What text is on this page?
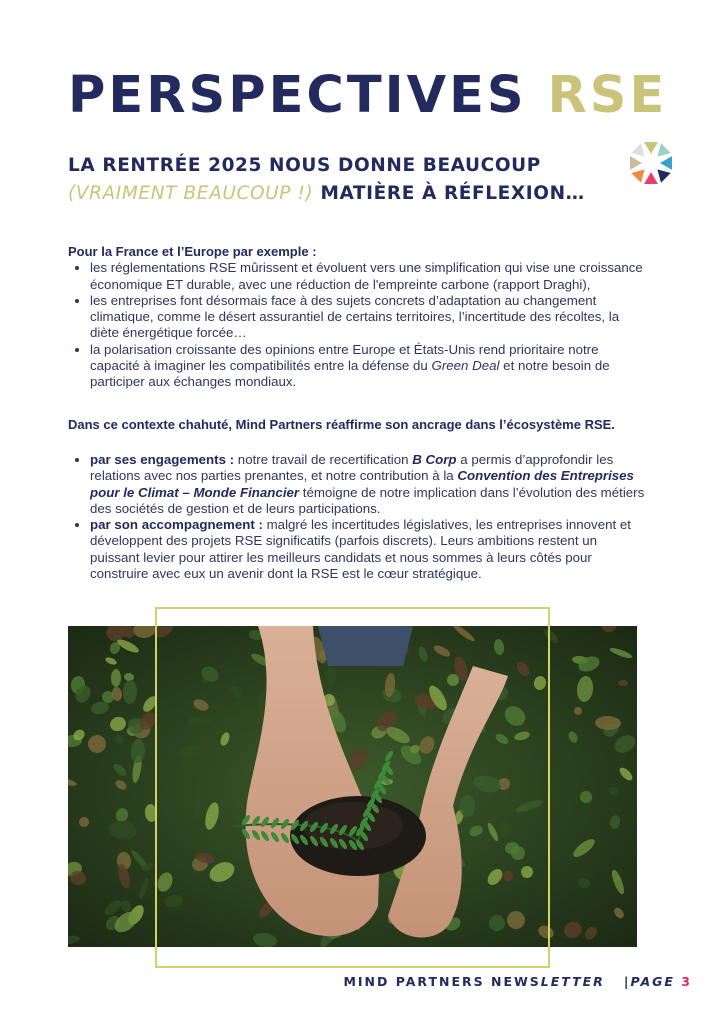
PERSPECTIVES RSE
LA RENTRÉE 2025 NOUS DONNE BEAUCOUP
(VRAIMENT BEAUCOUP !) MATIÈRE À RÉFLEXION…

Pour la France et l’Europe par exemple :

• les réglementations RSE mûrissent et évoluent vers une simplification qui vise une croissance économique ET durable, avec une réduction de l'empreinte carbone (rapport Draghi),
• les entreprises font désormais face à des sujets concrets d’adaptation au changement climatique, comme le désert assurantiel de certains territoires, l’incertitude des récoltes, la diète énergétique forcée…
• la polarisation croissante des opinions entre Europe et États-Unis rend prioritaire notre capacité à imaginer les compatibilités entre la défense du Green Deal et notre besoin de participer aux échanges mondiaux.

Dans ce contexte chahuté, Mind Partners réaffirme son ancrage dans l’écosystème RSE.

• par ses engagements : notre travail de recertification B Corp a permis d’approfondir les relations avec nos parties prenantes, et notre contribution à la Convention des Entreprises pour le Climat – Monde Financier témoigne de notre implication dans l’évolution des métiers des sociétés de gestion et de leurs participations.
• par son accompagnement : malgré les incertitudes législatives, les entreprises innovent et développent des projets RSE significatifs (parfois discrets). Leurs ambitions restent un puissant levier pour attirer les meilleurs candidats et nous sommes à leurs côtés pour construire avec eux un avenir dont la RSE est le cœur stratégique.
MIND PARTNERS NEWSLETTER |PAGE 3
